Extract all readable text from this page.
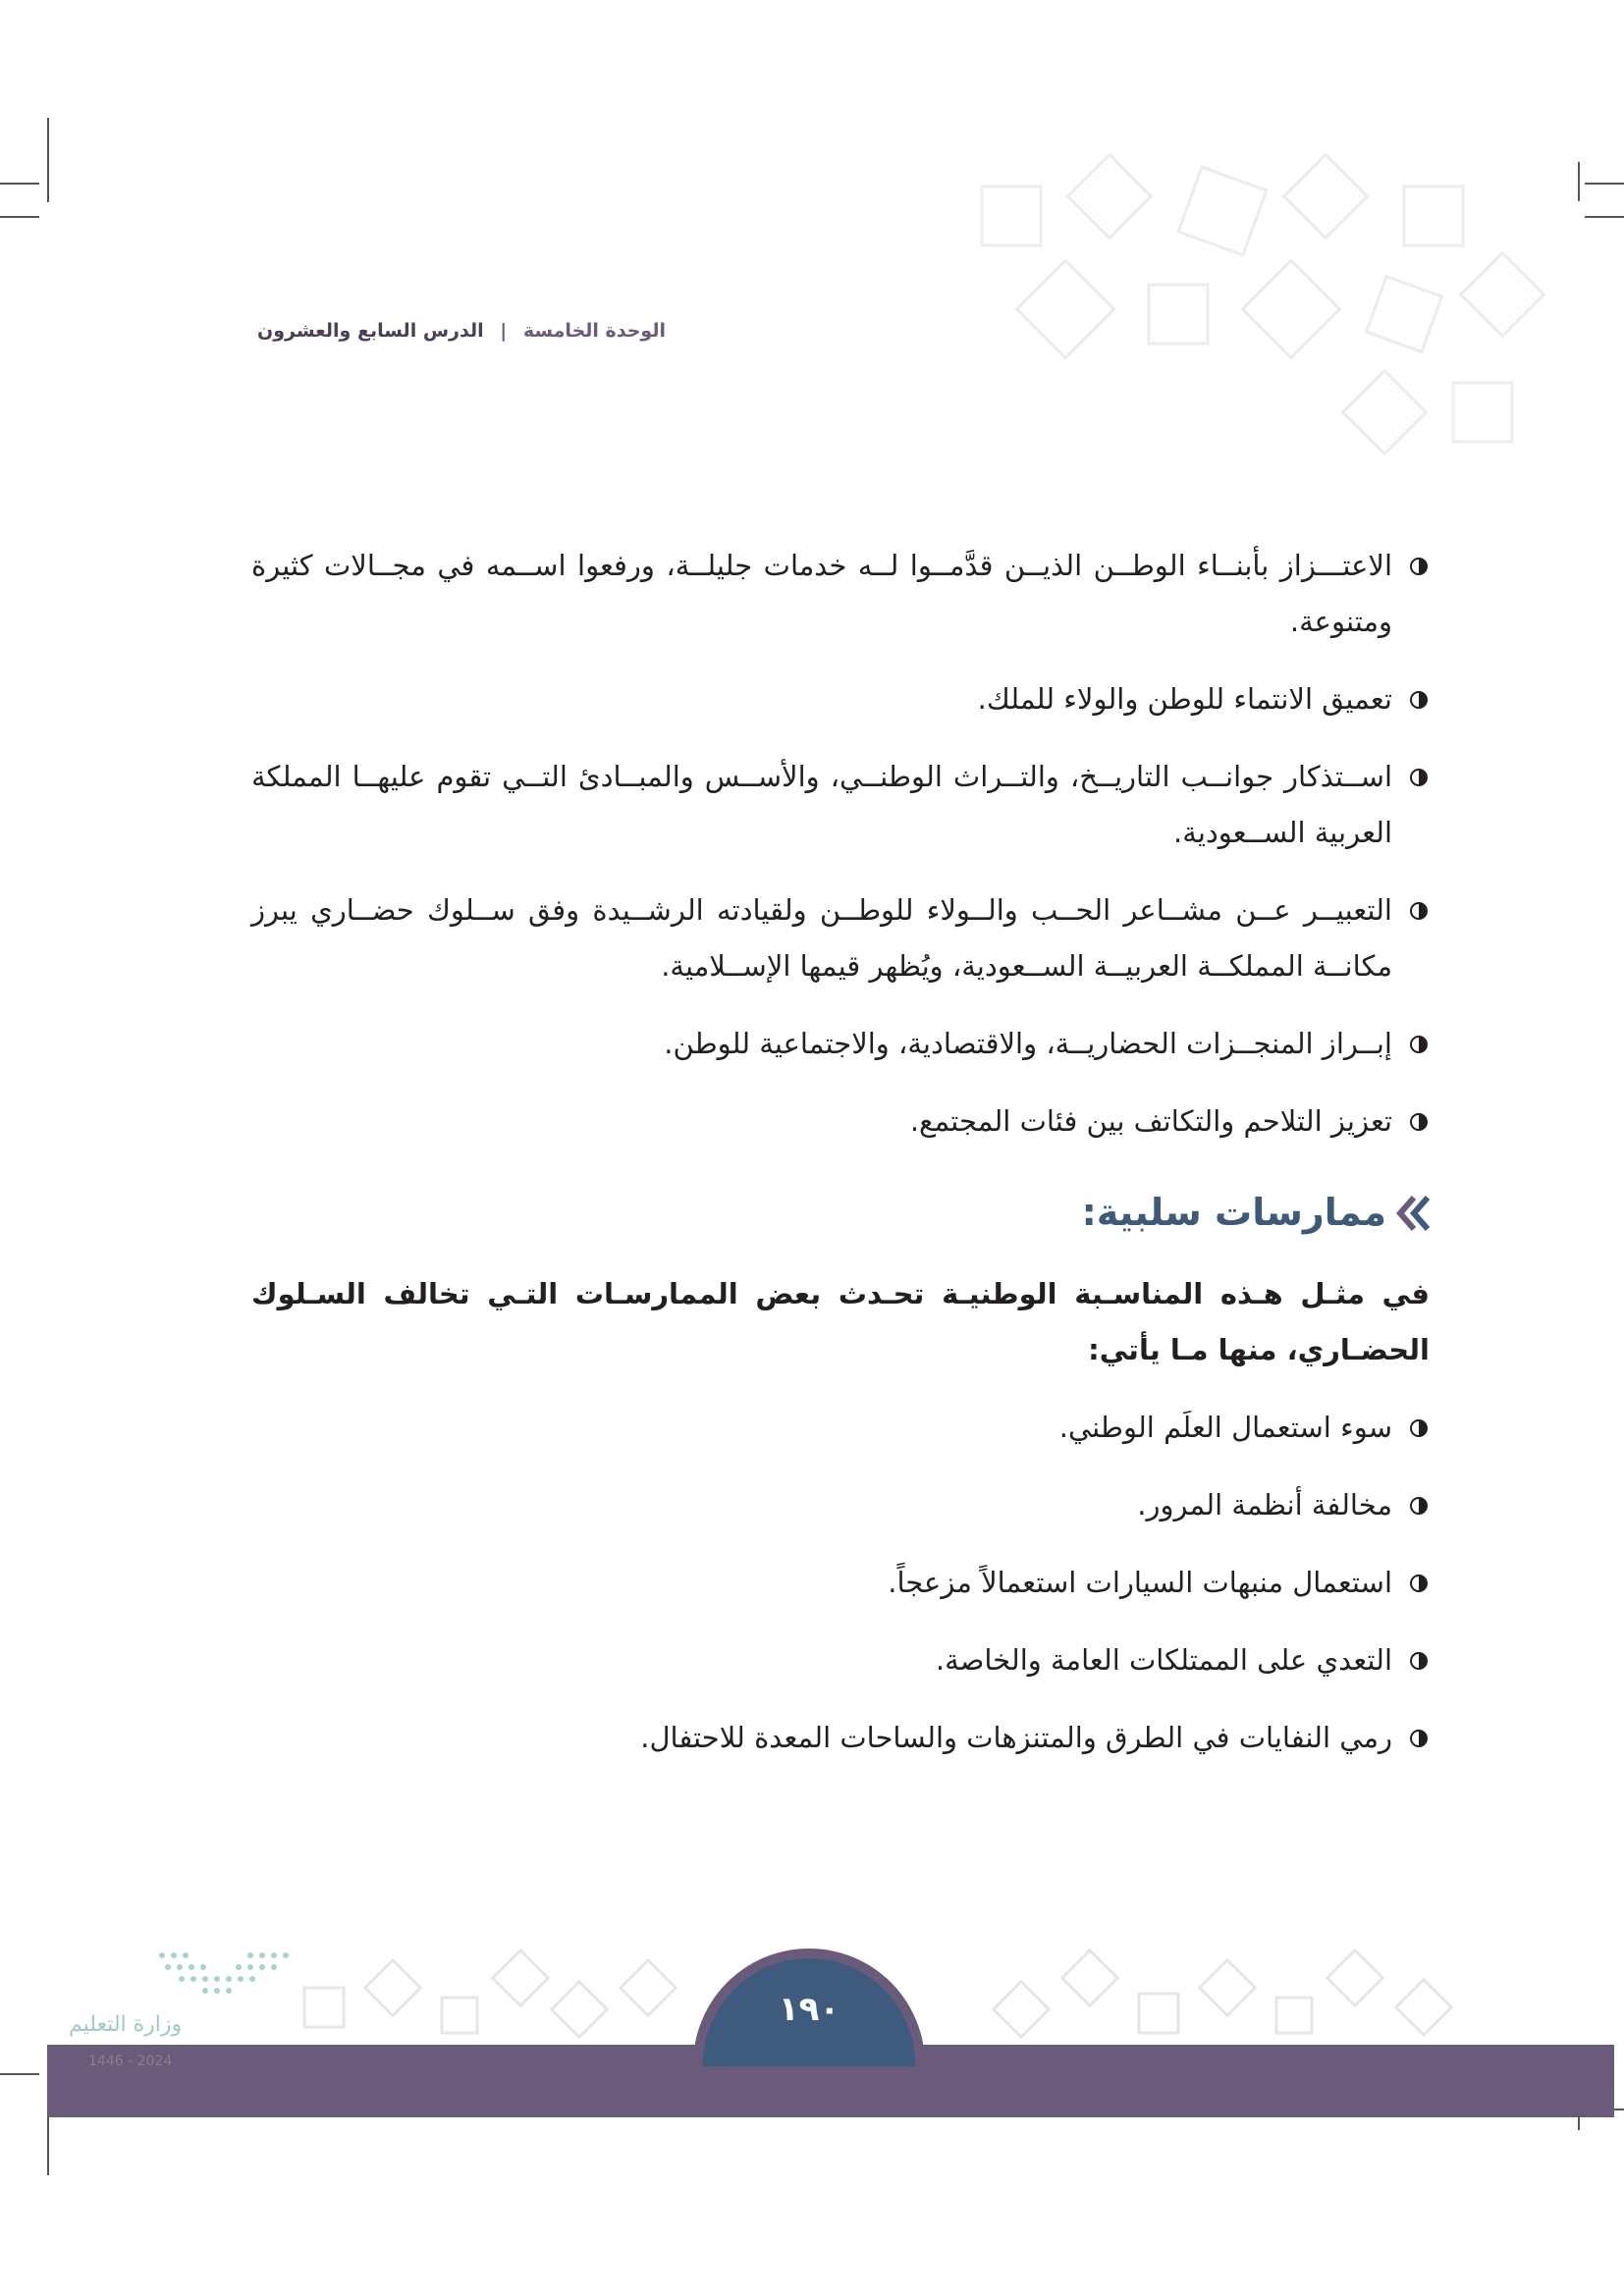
الوحدة الخامسة | الدرس السابع والعشرون
الاعتـــزاز بأبنــاء الوطــن الذيــن قدَّمــوا لــه خدمات جليلــة، ورفعوا اســمه في مجــالات كثيرة ومتنوعة.
تعميق الانتماء للوطن والولاء للملك.
اســتذكار جوانــب التاريــخ، والتــراث الوطنــي، والأســس والمبــادئ التــي تقوم عليهــا المملكة العربية الســعودية.
التعبيــر عــن مشــاعر الحــب والــولاء للوطــن ولقيادته الرشــيدة وفق ســلوك حضــاري يبرز مكانــة المملكــة العربيــة الســعودية، ويُظهر قيمها الإســلامية.
إبــراز المنجــزات الحضاريــة، والاقتصادية، والاجتماعية للوطن.
تعزيز التلاحم والتكاتف بين فئات المجتمع.
ممارسات سلبية:
في مثـل هـذه المناسـبة الوطنيـة تحـدث بعض الممارسـات التـي تخالف السـلوك الحضـاري، منها مـا يأتي:
سوء استعمال العلَم الوطني.
مخالفة أنظمة المرور.
استعمال منبهات السيارات استعمالاً مزعجاً.
التعدي على الممتلكات العامة والخاصة.
رمي النفايات في الطرق والمتنزهات والساحات المعدة للاحتفال.
١٩٠
وزارة التعليم
2024 - 1446
